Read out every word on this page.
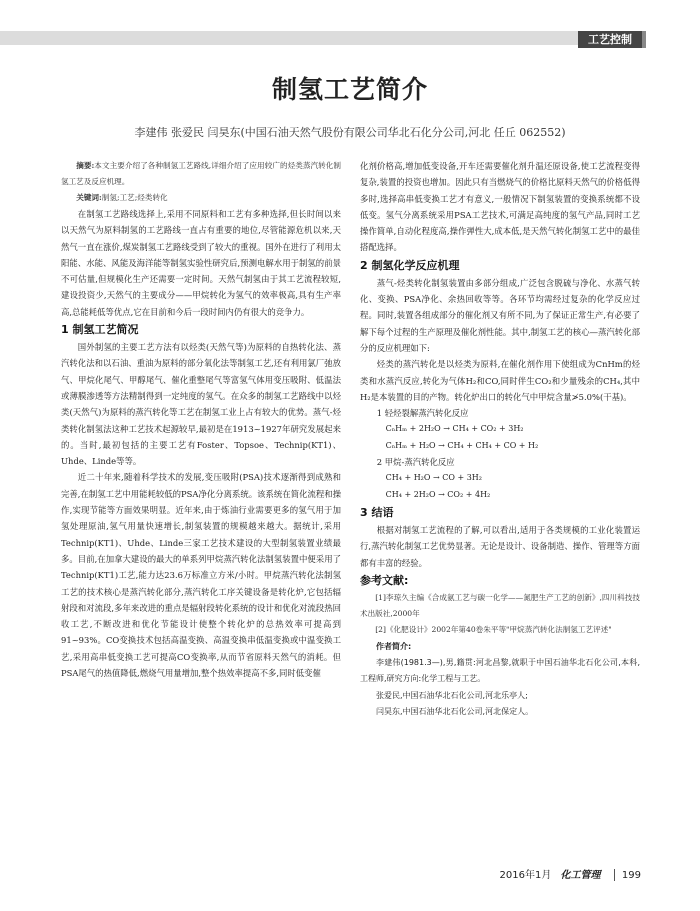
工艺控制
制氢工艺简介
李建伟 张爱民 闫昊东(中国石油天然气股份有限公司华北石化分公司,河北 任丘 062552)

摘要:本文主要介绍了各种制氢工艺路线,详细介绍了应用较广的烃类蒸汽转化制氢工艺及反应机理。

关键词:制氢;工艺;烃类转化

在制氢工艺路线选择上,采用不同原料和工艺有多种选择,但长时间以来以天然气为原料制氢的工艺路线一直占有重要的地位,尽管能源危机以来,天然气一直在涨价,煤炭制氢工艺路线受到了较大的重视。国外在进行了利用太阳能、水能、风能及海洋能等制氢实验性研究后,预测电解水用于制氢的前景不可估量,但规模化生产还需要一定时间。天然气制氢由于其工艺流程较短,建设投资少,天然气的主要成分——甲烷转化为氢气的效率极高,具有生产率高,总能耗低等优点,它在目前和今后一段时间内仍有很大的竞争力。

1 制氢工艺简况

国外制氢的主要工艺方法有以烃类(天然气等)为原料的自热转化法、蒸汽转化法和以石油、重油为原料的部分氧化法等制氢工艺,还有利用氯厂弛放气、甲烷化尾气、甲醇尾气、催化重整尾气等富氢气体用变压吸附、低温法或薄膜渗透等方法精制得到一定纯度的氢气。在众多的制氢工艺路线中以烃类(天然气)为原料的蒸汽转化等工艺在制氢工业上占有较大的优势。蒸气-烃类转化制氢法这种工艺技术起源较早,最初是在1913~1927年研究发展起来的。当时,最初包括的主要工艺有Foster、Topsoe、Technip(KT1)、Uhde、Linde等等。

近二十年来,随着科学技术的发展,变压吸附(PSA)技术逐渐得到成熟和完善,在制氢工艺中用能耗较低的PSA净化分离系统。该系统在简化流程和操作,实现节能等方面效果明显。近年来,由于炼油行业需要更多的氢气用于加氢处理原油,氢气用量快速增长,制氢装置的规模越来越大。据统计,采用Technip(KT1)、Uhde、Linde三家工艺技术建设的大型制氢装置业绩最多。目前,在加拿大建设的最大的单系列甲烷蒸汽转化法制氢装置中便采用了Technip(KT1)工艺,能力达23.6万标准立方米/小时。甲烷蒸汽转化法制氢工艺的技术核心是蒸汽转化部分,蒸汽转化工序关键设备是转化炉,它包括辐射段和对流段,多年来改进的重点是辐射段转化系统的设计和优化对流段热回收工艺,不断改进和优化节能设计使整个转化炉的总热效率可提高到91~93%。CO变换技术包括高温变换、高温变换串低温变换或中温变换工艺,采用高串低变换工艺可提高CO变换率,从而节省原料天然气的消耗。但PSA尾气的热值降低,燃烧气用量增加,整个热效率提高不多,同时低变催

化剂价格高,增加低变设备,开车还需要催化剂升温还原设备,使工艺流程变得复杂,装置的投资也增加。因此只有当燃烧气的价格比原料天然气的价格低得多时,选择高串低变换工艺才有意义,一般情况下制氢装置的变换系统都不设低变。氢气分离系统采用PSA工艺技术,可满足高纯度的氢气产品,同时工艺操作简单,自动化程度高,操作弹性大,成本低,是天然气转化制氢工艺中的最佳搭配选择。

2 制氢化学反应机理

蒸气-烃类转化制氢装置由多部分组成,广泛包含脱硫与净化、水蒸气转化、变换、PSA净化、余热回收等等。各环节均需经过复杂的化学反应过程。同时,装置各组成部分的催化剂又有所不同,为了保证正常生产,有必要了解下每个过程的生产原理及催化剂性能。其中,制氢工艺的核心—蒸汽转化部分的反应机理如下:

烃类的蒸汽转化是以烃类为原料,在催化剂作用下使组成为CnHm的烃类和水蒸汽反应,转化为气体H₂和CO,同时伴生CO₂和少量残余的CH₄,其中H₂是本装置的目的产物。转化炉出口的转化气中甲烷含量≯5.0%(干基)。

1 轻烃裂解蒸汽转化反应

CₙHₘ + 2H₂O → CH₄ + CO₂ + 3H₂

CₙHₘ + H₂O → CH₄ + CH₄ + CO + H₂

2 甲烷-蒸汽转化反应

CH₄ + H₂O → CO + 3H₂

CH₄ + 2H₂O → CO₂ + 4H₂

3 结语

根据对制氢工艺流程的了解,可以看出,适用于各类规模的工业化装置运行,蒸汽转化制氢工艺优势显著。无论是设计、设备制造、操作、管理等方面都有丰富的经验。

参考文献:

[1]李琼久主编《合成氨工艺与碳一化学——氮肥生产工艺的创新》,四川科技技术出版社,2000年

[2]《化肥设计》2002年第40卷朱平等"甲烷蒸汽转化法制氢工艺评述"

作者简介:

李建伟(1981.3—),男,籍贯:河北昌黎,就职于中国石油华北石化公司,本科,工程师,研究方向:化学工程与工艺。

张爱民,中国石油华北石化公司,河北乐亭人;

闫昊东,中国石油华北石化公司,河北保定人。

2016年1月 化工管理 199
